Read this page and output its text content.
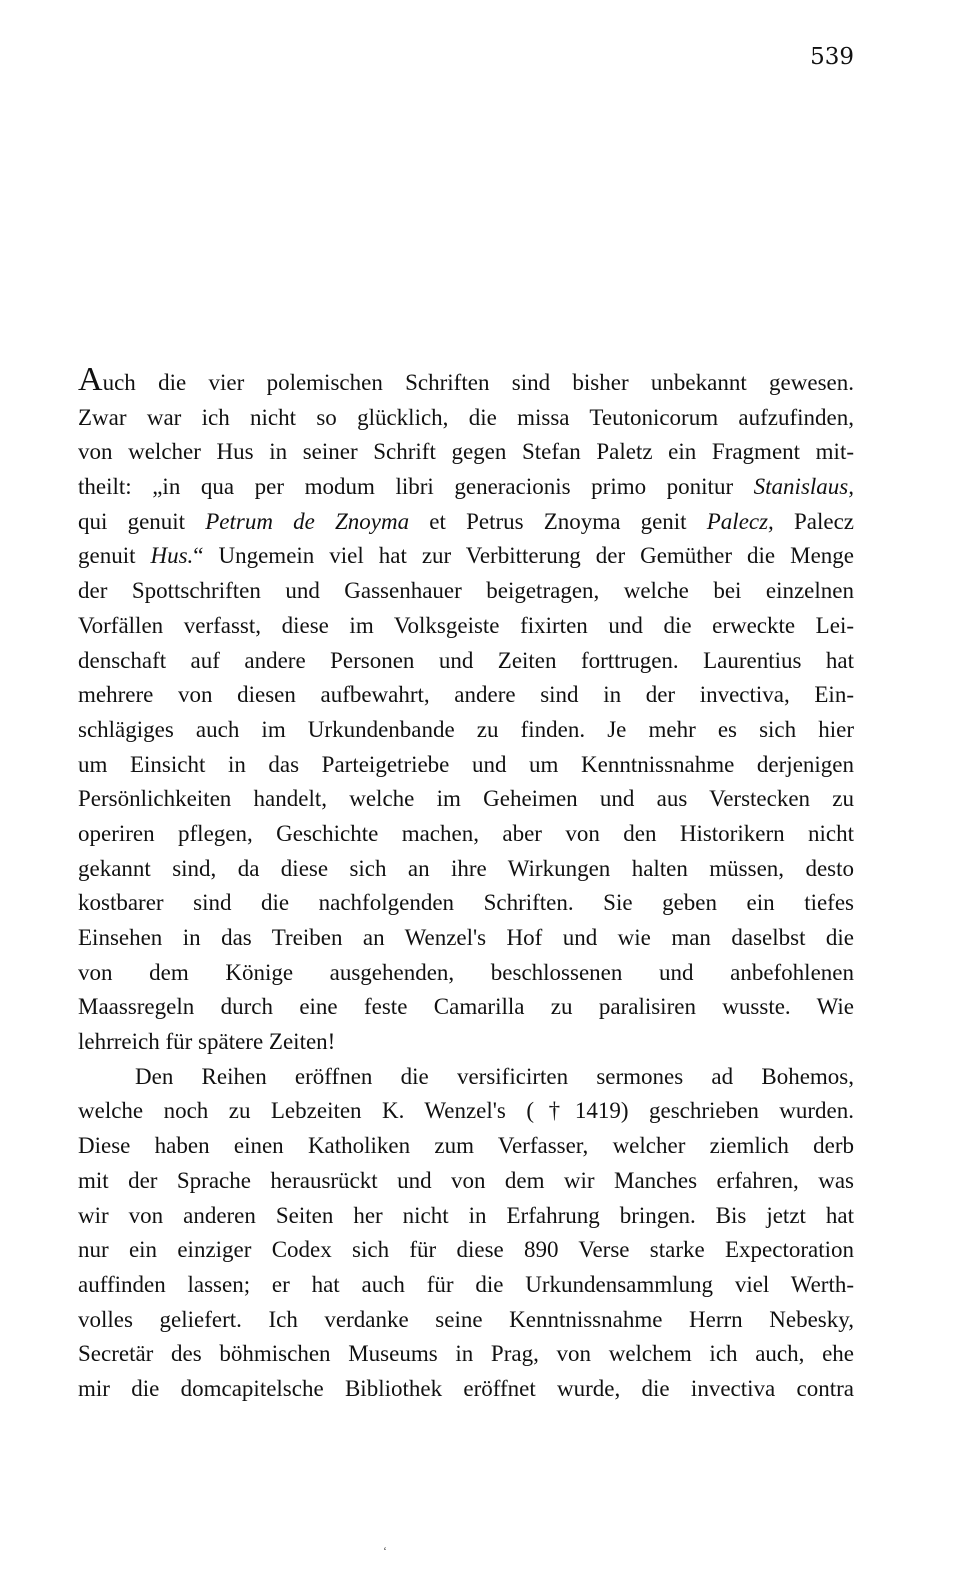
539
Auch die vier polemischen Schriften sind bisher unbekannt gewesen.
Zwar war ich nicht so glücklich, die missa Teutonicorum aufzufinden,
von welcher Hus in seiner Schrift gegen Stefan Paletz ein Fragment mit-
theilt: „in qua per modum libri generacionis primo ponitur Stanislaus,
qui genuit Petrum de Znoyma et Petrus Znoyma genit Palecz, Palecz
genuit Hus.“ Ungemein viel hat zur Verbitterung der Gemüther die Menge
der Spottschriften und Gassenhauer beigetragen, welche bei einzelnen
Vorfällen verfasst, diese im Volksgeiste fixirten und die erweckte Lei-
denschaft auf andere Personen und Zeiten forttrugen. Laurentius hat
mehrere von diesen aufbewahrt, andere sind in der invectiva, Ein-
schlägiges auch im Urkundenbande zu finden. Je mehr es sich hier
um Einsicht in das Parteigetriebe und um Kenntnissnahme derjenigen
Persönlichkeiten handelt, welche im Geheimen und aus Verstecken zu
operiren pflegen, Geschichte machen, aber von den Historikern nicht
gekannt sind, da diese sich an ihre Wirkungen halten müssen, desto
kostbarer sind die nachfolgenden Schriften. Sie geben ein tiefes
Einsehen in das Treiben an Wenzel's Hof und wie man daselbst die
von dem Könige ausgehenden, beschlossenen und anbefohlenen
Maassregeln durch eine feste Camarilla zu paralisiren wusste. Wie
lehrreich für spätere Zeiten!
Den Reihen eröffnen die versificirten sermones ad Bohemos,
welche noch zu Lebzeiten K. Wenzel's (†1419) geschrieben wurden.
Diese haben einen Katholiken zum Verfasser, welcher ziemlich derb
mit der Sprache herausrückt und von dem wir Manches erfahren, was
wir von anderen Seiten her nicht in Erfahrung bringen. Bis jetzt hat
nur ein einziger Codex sich für diese 890 Verse starke Expectoration
auffinden lassen; er hat auch für die Urkundensammlung viel Werth-
volles geliefert. Ich verdanke seine Kenntnissnahme Herrn Nebesky,
Secretär des böhmischen Museums in Prag, von welchem ich auch, ehe
mir die domcapitelsche Bibliothek eröffnet wurde, die invectiva contra
‘
